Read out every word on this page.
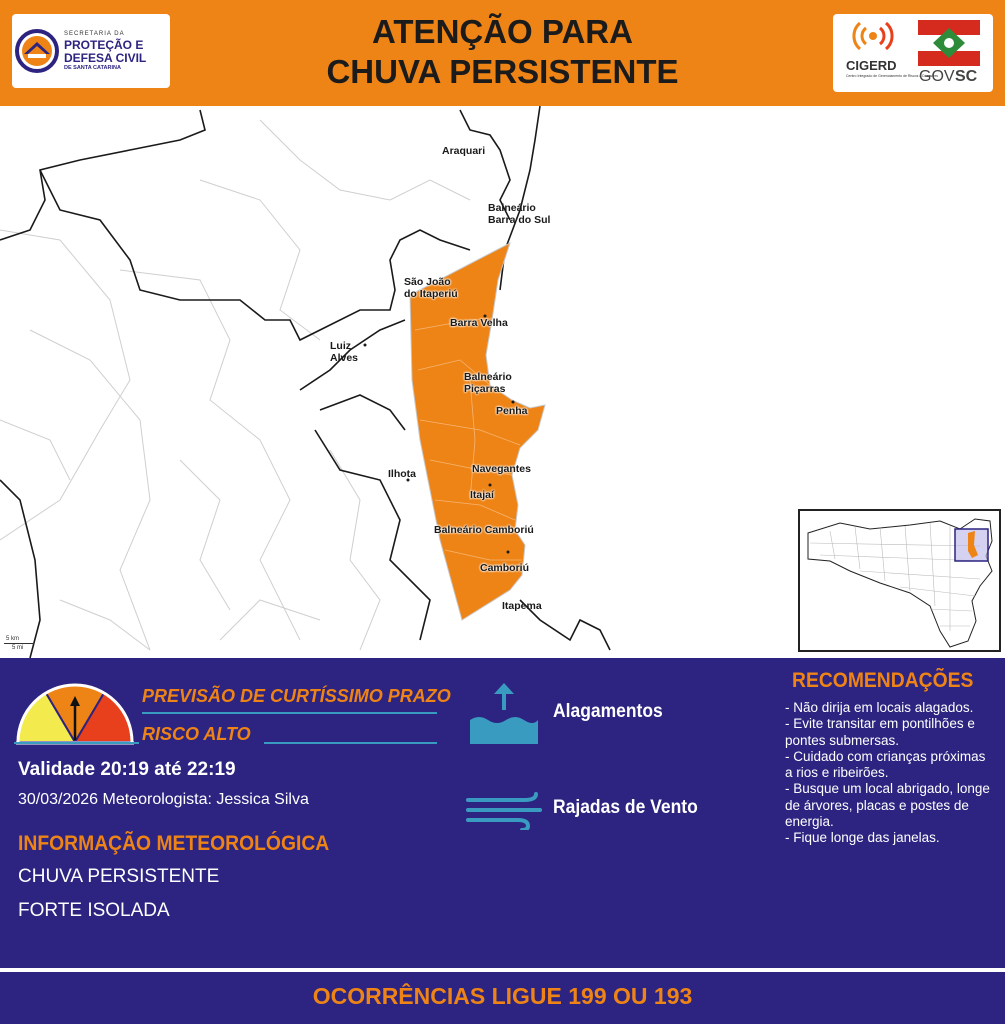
SECRETARIA DA
PROTEÇÃO E
DEFESA CIVIL
DE SANTA CATARINA
ATENÇÃO PARA
CHUVA PERSISTENTE	CIGERD
Centro Integrado de Gerenciamento de Riscos e Desastres
GOV SC
Araquari
Balneário
Barra do Sul
São João
do Itaperiú
Barra Velha
Luiz
Alves
Balneário
Piçarras
Penha
Navegantes
Ilhota
Itajaí
Balneário Camboriú
Camboriú
Itapema
5 km
5 mi
PREVISÃO DE CURTÍSSIMO PRAZO
RISCO ALTO
Validade 20:19 até 22:19
30/03/2026 Meteorologista: Jessica Silva
INFORMAÇÃO METEOROLÓGICA
CHUVA PERSISTENTE
FORTE ISOLADA
Alagamentos
Rajadas de Vento
RECOMENDAÇÕES
- Não dirija em locais alagados.
- Evite transitar em pontilhões e pontes submersas.
- Cuidado com crianças próximas a rios e ribeirões.
- Busque um local abrigado, longe de árvores, placas e postes de energia.
- Fique longe das janelas.
OCORRÊNCIAS LIGUE 199 OU 193
